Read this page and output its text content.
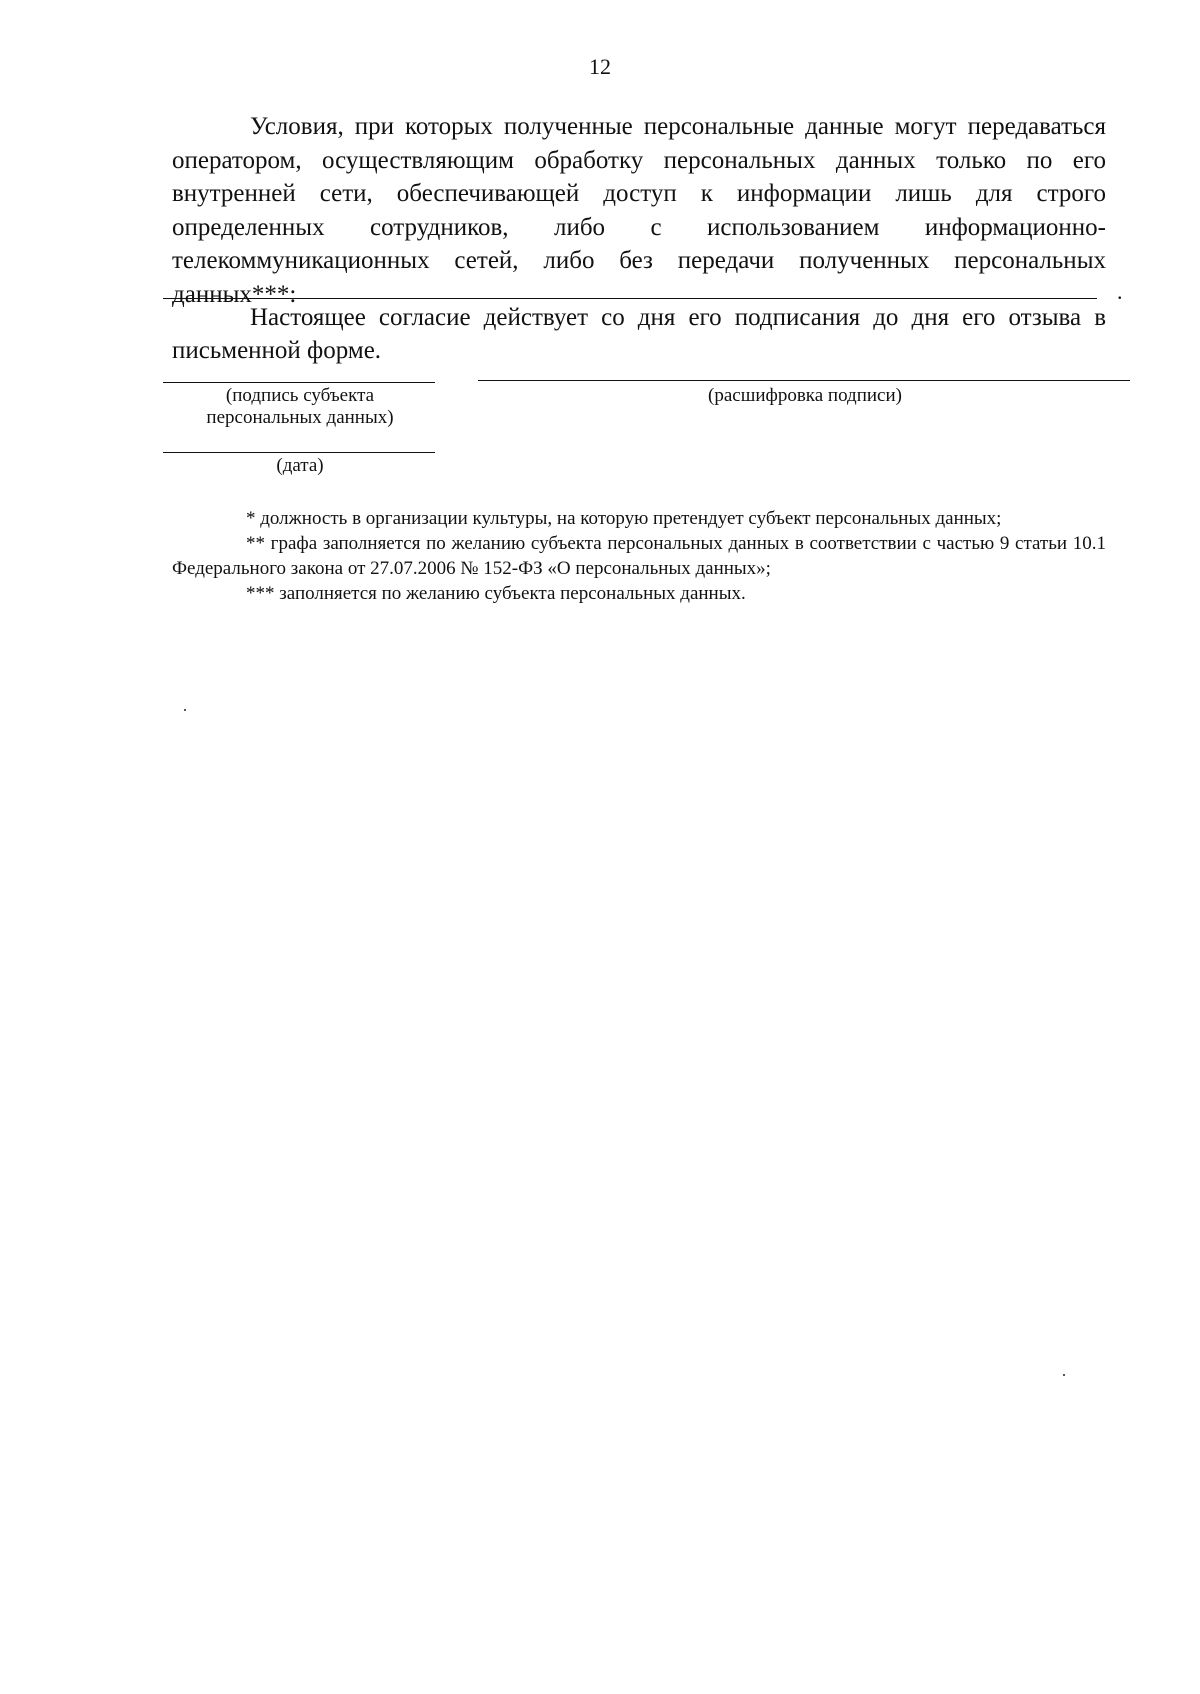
12

Условия, при которых полученные персональные данные могут передаваться оператором, осуществляющим обработку персональных данных только по его внутренней сети, обеспечивающей доступ к информации лишь для строго определенных сотрудников, либо с использованием информационно-телекоммуникационных сетей, либо без передачи полученных персональных данных***:	.

Настоящее согласие действует со дня его подписания до дня его отзыва в письменной форме.

(подпись субъекта персональных данных)
(расшифровка подписи)
(дата)

* должность в организации культуры, на которую претендует субъект персональных данных;

** графа заполняется по желанию субъекта персональных данных в соответствии с частью 9 статьи 10.1 Федерального закона от 27.07.2006 № 152-ФЗ «О персональных данных»;

*** заполняется по желанию субъекта персональных данных.
